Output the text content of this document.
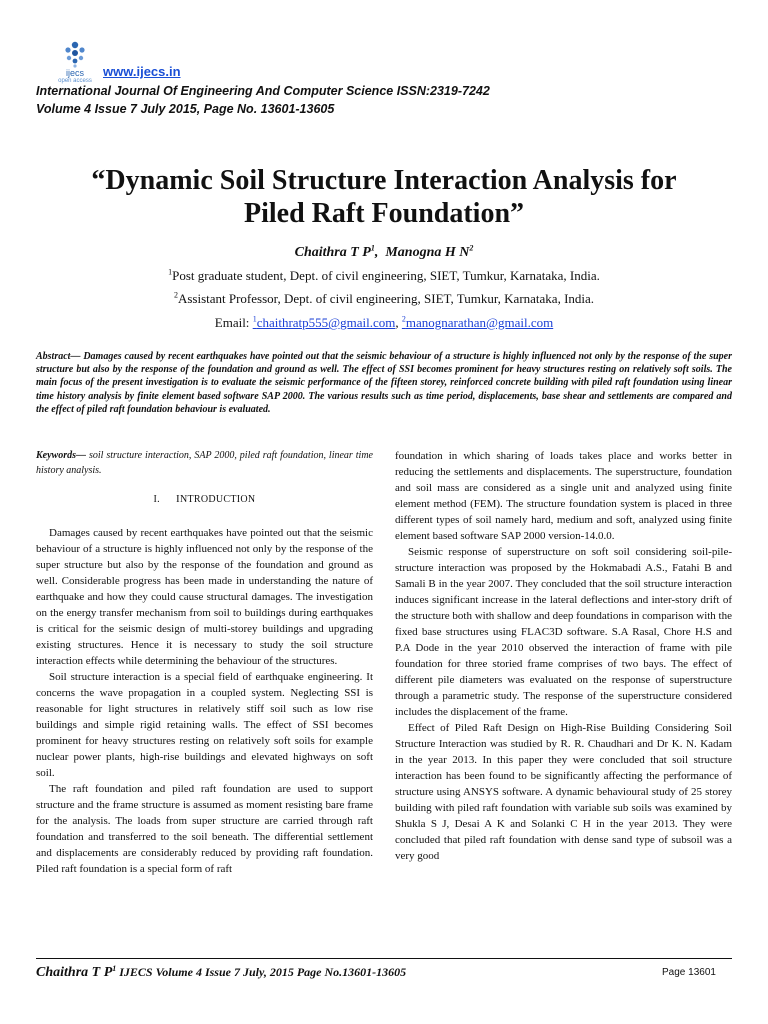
ijecs
open access
www.ijecs.in
International Journal Of Engineering And Computer Science ISSN:2319-7242
Volume 4 Issue 7 July 2015, Page No. 13601-13605
“Dynamic Soil Structure Interaction Analysis for
Piled Raft Foundation”
Chaithra T $P^1$,  Manogna H $N^2$
$^1$Post graduate student, Dept. of civil engineering, SIET, Tumkur, Karnataka, India.
$^2$Assistant Professor, Dept. of civil engineering, SIET, Tumkur, Karnataka, India.
Email: $^1$chaithratp555@gmail.com, $^2$manognarathan@gmail.com
Abstract— Damages caused by recent earthquakes have pointed out that the seismic behaviour of a structure is highly influenced not only by the response of the super structure but also by the response of the foundation and ground as well. The effect of SSI becomes prominent for heavy structures resting on relatively soft soils. The main focus of the present investigation is to evaluate the seismic performance of the fifteen storey, reinforced concrete building with piled raft foundation using linear time history analysis by finite element based software SAP 2000. The various results such as time period, displacements, base shear and settlements are compared and the effect of piled raft foundation behaviour is evaluated.

Keywords— soil structure interaction, SAP 2000, piled raft foundation, linear time history analysis.

I. INTRODUCTION

Damages caused by recent earthquakes have pointed out that the seismic behaviour of a structure is highly influenced not only by the response of the super structure but also by the response of the foundation and ground as well. Considerable progress has been made in understanding the nature of earthquake and how they could cause structural damages. The investigation on the energy transfer mechanism from soil to buildings during earthquakes is critical for the seismic design of multi-storey buildings and upgrading existing structures. Hence it is necessary to study the soil structure interaction effects while determining the behaviour of the structures.

Soil structure interaction is a special field of earthquake engineering. It concerns the wave propagation in a coupled system. Neglecting SSI is reasonable for light structures in relatively stiff soil such as low rise buildings and simple rigid retaining walls. The effect of SSI becomes prominent for heavy structures resting on relatively soft soils for example nuclear power plants, high-rise buildings and elevated highways on soft soil.

The raft foundation and piled raft foundation are used to support structure and the frame structure is assumed as moment resisting bare frame for the analysis. The loads from super structure are carried through raft foundation and transferred to the soil beneath. The differential settlement and displacements are considerably reduced by providing raft foundation. Piled raft foundation is a special form of raft

foundation in which sharing of loads takes place and works better in reducing the settlements and displacements. The superstructure, foundation and soil mass are considered as a single unit and analyzed using finite element method (FEM). The structure foundation system is placed in three different types of soil namely hard, medium and soft, analyzed using finite element based software SAP 2000 version-14.0.0.

Seismic response of superstructure on soft soil considering soil-pile-structure interaction was proposed by the Hokmabadi A.S., Fatahi B and Samali B in the year 2007. They concluded that the soil structure interaction induces significant increase in the lateral deflections and inter-story drift of the structure both with shallow and deep foundations in comparison with the fixed base structures using FLAC3D software. S.A Rasal, Chore H.S and P.A Dode in the year 2010 observed the interaction of frame with pile foundation for three storied frame comprises of two bays. The effect of different pile diameters was evaluated on the response of superstructure through a parametric study. The response of the superstructure considered includes the displacement of the frame.

Effect of Piled Raft Design on High-Rise Building Considering Soil Structure Interaction was studied by R. R. Chaudhari and Dr K. N. Kadam in the year 2013. In this paper they were concluded that soil structure interaction has been found to be significantly affecting the performance of structure using ANSYS software. A dynamic behavioural study of 25 storey building with piled raft foundation with variable sub soils was examined by Shukla S J, Desai A K and Solanki C H in the year 2013. They were concluded that piled raft foundation with dense sand type of subsoil was a very good

Chaithra T $P^1$ IJECS Volume 4 Issue 7 July, 2015 Page No.13601-13605	Page 13601
